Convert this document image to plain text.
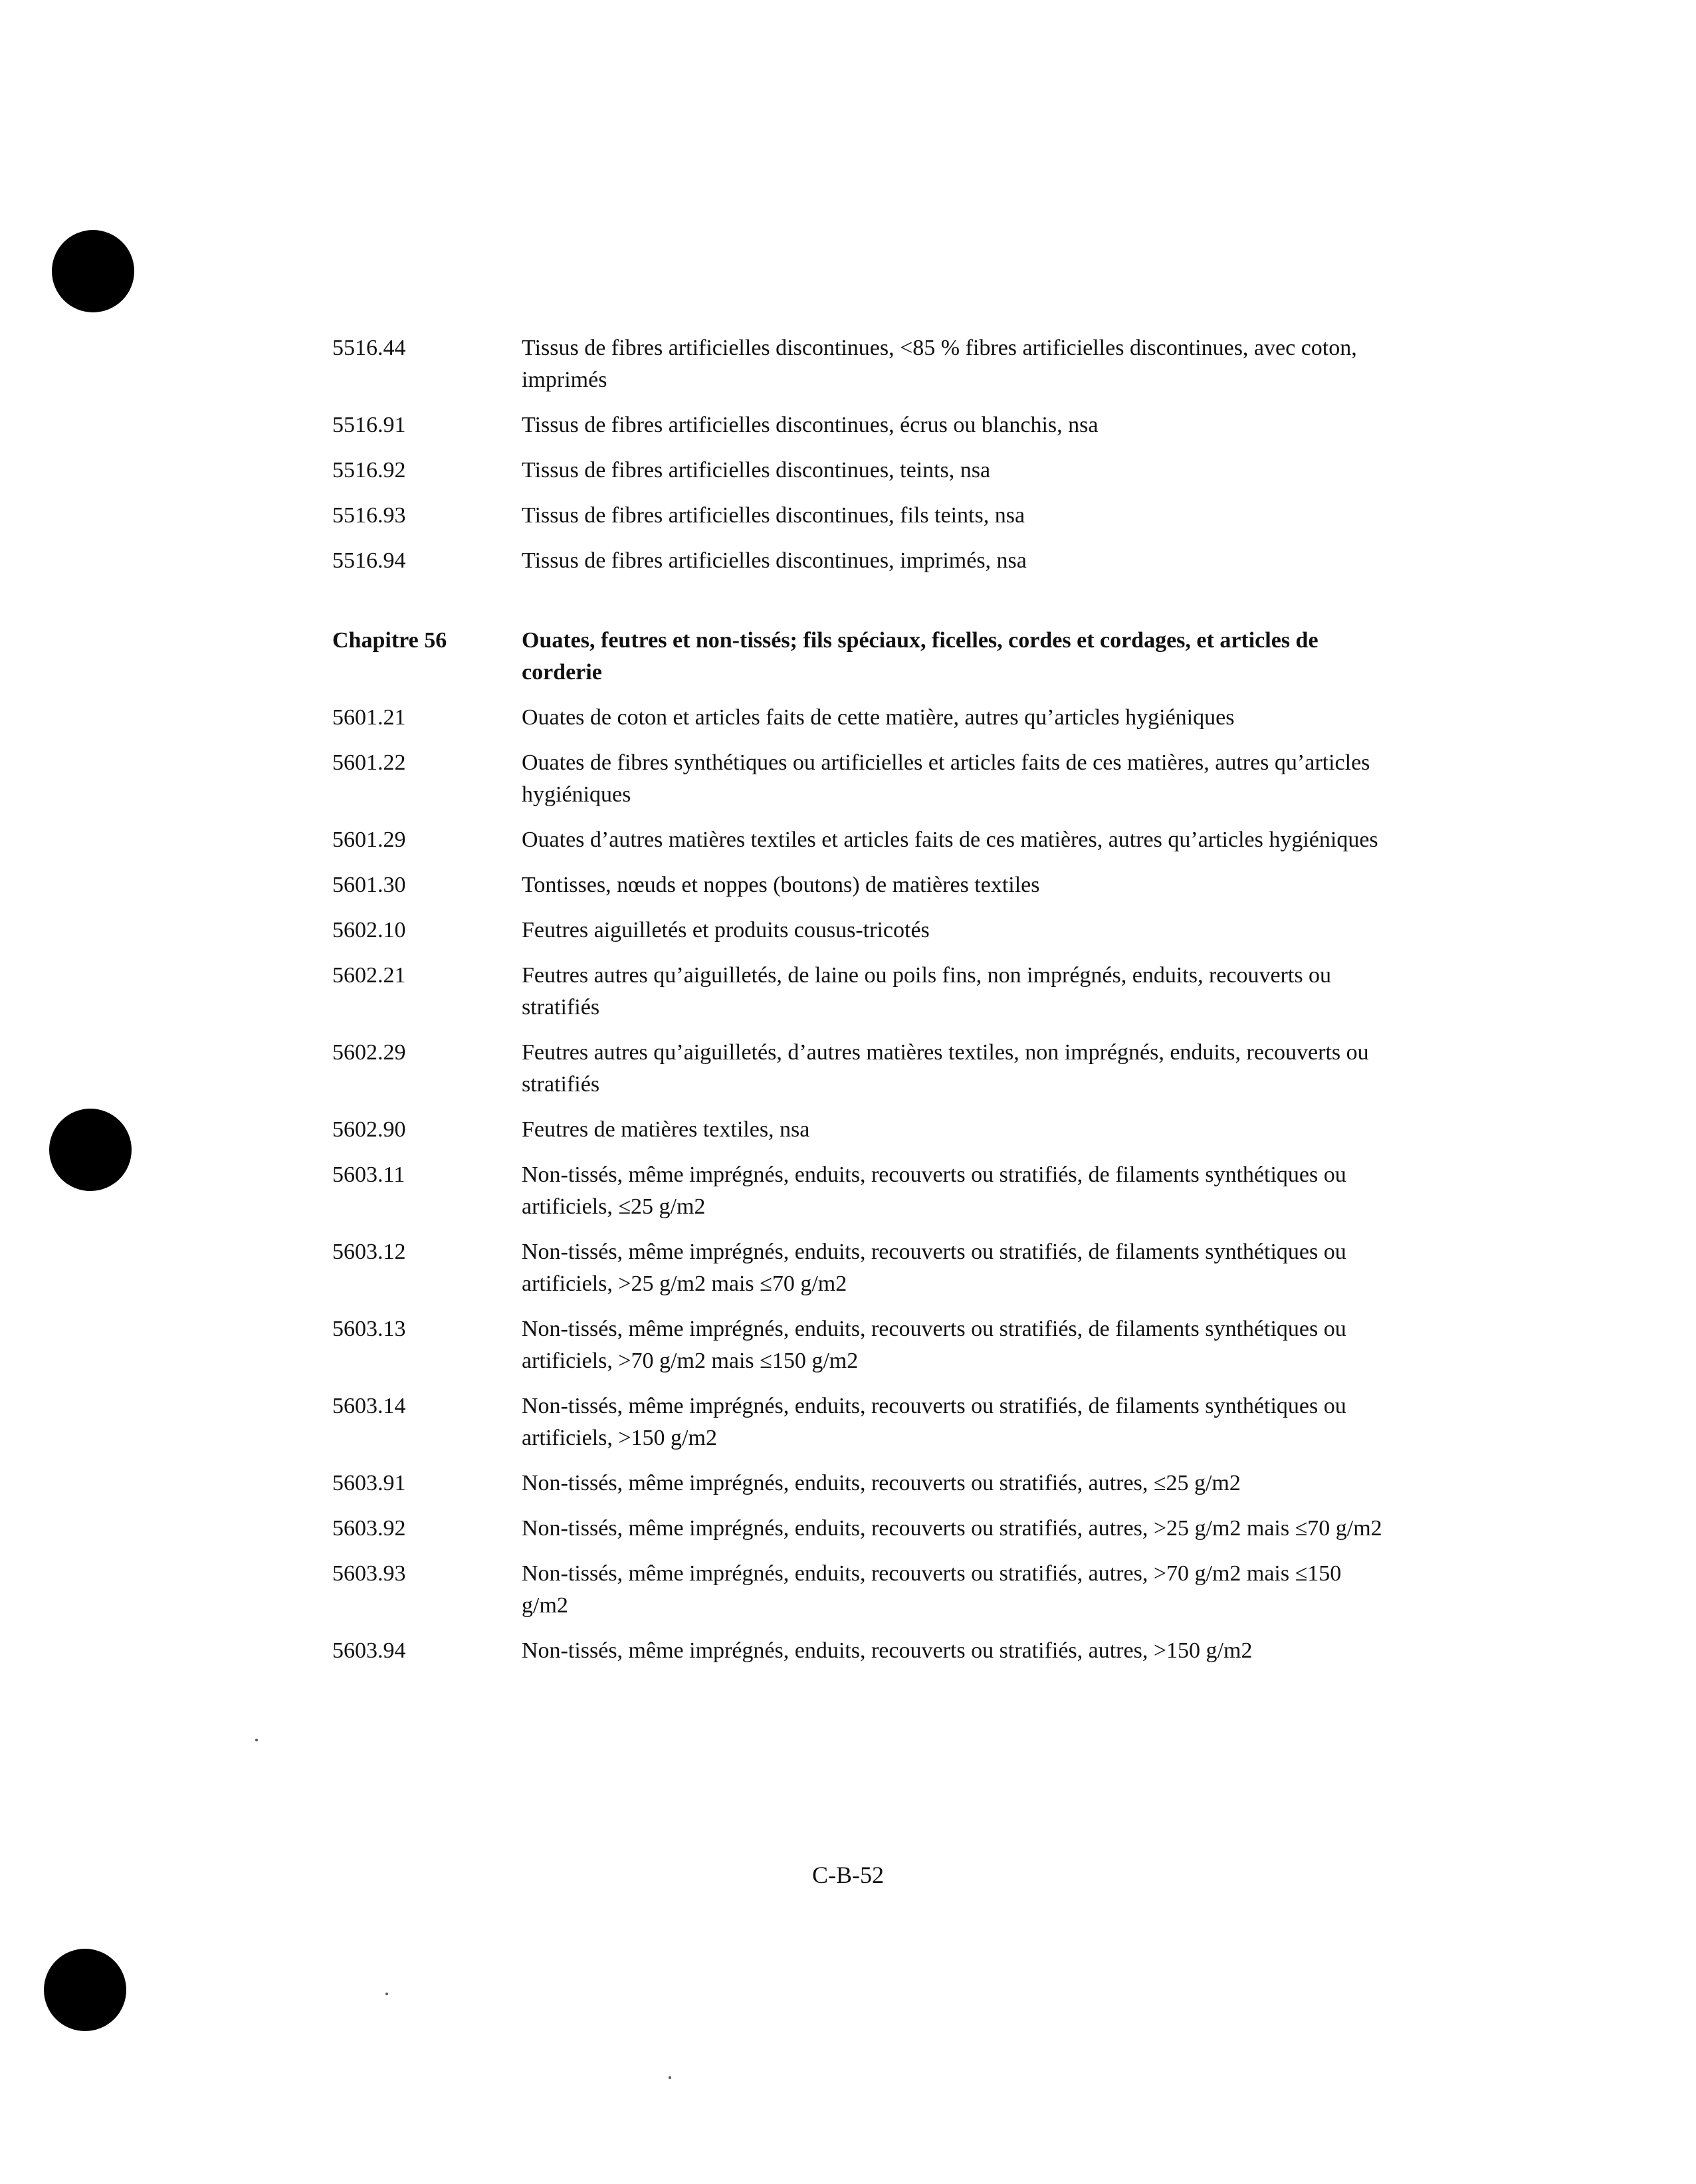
5516.44	Tissus de fibres artificielles discontinues, <85 % fibres artificielles discontinues, avec coton, imprimés
5516.91	Tissus de fibres artificielles discontinues, écrus ou blanchis, nsa
5516.92	Tissus de fibres artificielles discontinues, teints, nsa
5516.93	Tissus de fibres artificielles discontinues, fils teints, nsa
5516.94	Tissus de fibres artificielles discontinues, imprimés, nsa
Chapitre 56	Ouates, feutres et non-tissés; fils spéciaux, ficelles, cordes et cordages, et articles de corderie
5601.21	Ouates de coton et articles faits de cette matière, autres qu’articles hygiéniques
5601.22	Ouates de fibres synthétiques ou artificielles et articles faits de ces matières, autres qu’articles hygiéniques
5601.29	Ouates d’autres matières textiles et articles faits de ces matières, autres qu’articles hygiéniques
5601.30	Tontisses, nœuds et noppes (boutons) de matières textiles
5602.10	Feutres aiguilletés et produits cousus-tricotés
5602.21	Feutres autres qu’aiguilletés, de laine ou poils fins, non imprégnés, enduits, recouverts ou stratifiés
5602.29	Feutres autres qu’aiguilletés, d’autres matières textiles, non imprégnés, enduits, recouverts ou stratifiés
5602.90	Feutres de matières textiles, nsa
5603.11	Non-tissés, même imprégnés, enduits, recouverts ou stratifiés, de filaments synthétiques ou artificiels, ≤25 g/m2
5603.12	Non-tissés, même imprégnés, enduits, recouverts ou stratifiés, de filaments synthétiques ou artificiels, >25 g/m2 mais ≤70 g/m2
5603.13	Non-tissés, même imprégnés, enduits, recouverts ou stratifiés, de filaments synthétiques ou artificiels, >70 g/m2 mais ≤150 g/m2
5603.14	Non-tissés, même imprégnés, enduits, recouverts ou stratifiés, de filaments synthétiques ou artificiels, >150 g/m2
5603.91	Non-tissés, même imprégnés, enduits, recouverts ou stratifiés, autres, ≤25 g/m2
5603.92	Non-tissés, même imprégnés, enduits, recouverts ou stratifiés, autres, >25 g/m2 mais ≤70 g/m2
5603.93	Non-tissés, même imprégnés, enduits, recouverts ou stratifiés, autres, >70 g/m2 mais ≤150 g/m2
5603.94	Non-tissés, même imprégnés, enduits, recouverts ou stratifiés, autres, >150 g/m2
C-B-52
